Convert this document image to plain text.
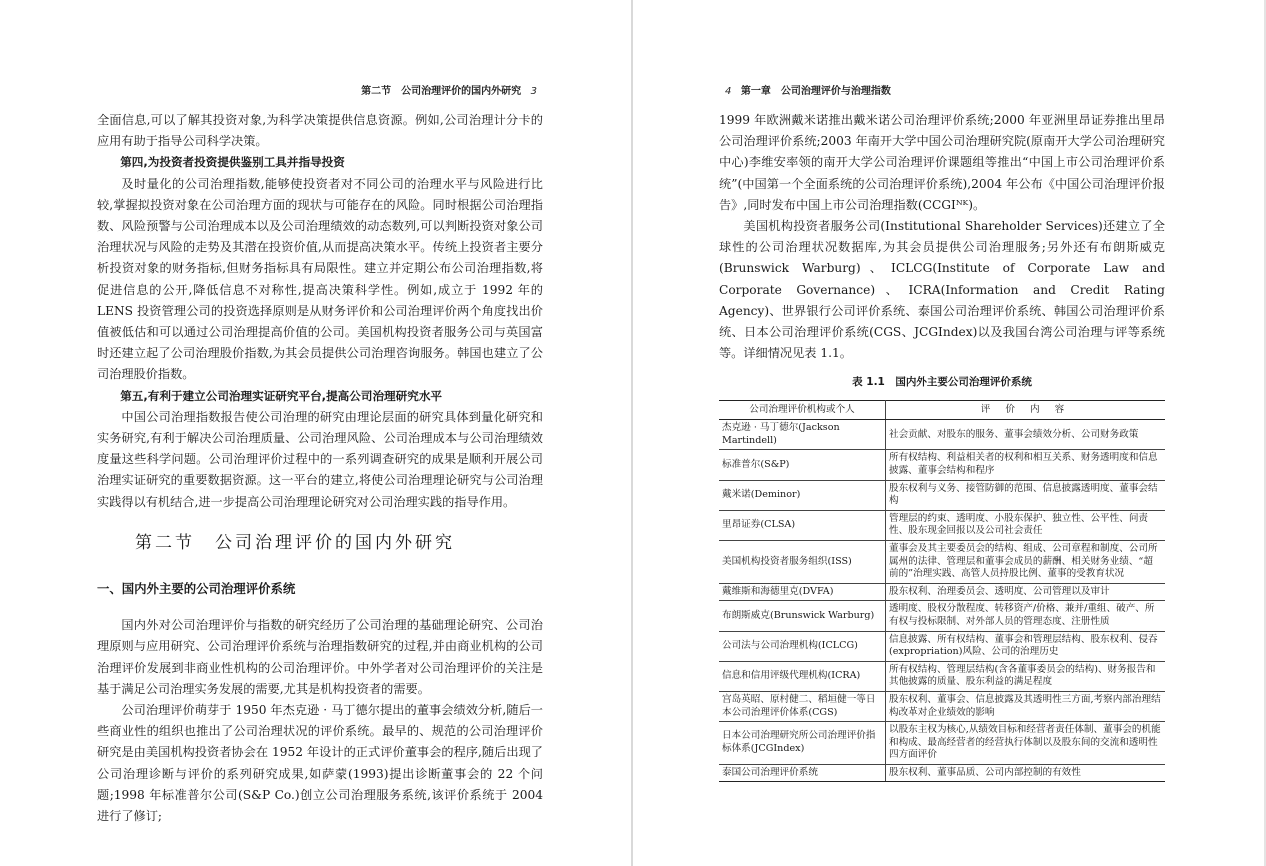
第二节　公司治理评价的国内外研究 3

全面信息,可以了解其投资对象,为科学决策提供信息资源。例如,公司治理计分卡的应用有助于指导公司科学决策。

第四,为投资者投资提供鉴别工具并指导投资

及时量化的公司治理指数,能够使投资者对不同公司的治理水平与风险进行比较,掌握拟投资对象在公司治理方面的现状与可能存在的风险。同时根据公司治理指数、风险预警与公司治理成本以及公司治理绩效的动态数列,可以判断投资对象公司治理状况与风险的走势及其潜在投资价值,从而提高决策水平。传统上投资者主要分析投资对象的财务指标,但财务指标具有局限性。建立并定期公布公司治理指数,将促进信息的公开,降低信息不对称性,提高决策科学性。例如,成立于 1992 年的 LENS 投资管理公司的投资选择原则是从财务评价和公司治理评价两个角度找出价值被低估和可以通过公司治理提高价值的公司。美国机构投资者服务公司与英国富时还建立起了公司治理股价指数,为其会员提供公司治理咨询服务。韩国也建立了公司治理股价指数。

第五,有利于建立公司治理实证研究平台,提高公司治理研究水平

中国公司治理指数报告使公司治理的研究由理论层面的研究具体到量化研究和实务研究,有利于解决公司治理质量、公司治理风险、公司治理成本与公司治理绩效度量这些科学问题。公司治理评价过程中的一系列调查研究的成果是顺利开展公司治理实证研究的重要数据资源。这一平台的建立,将使公司治理理论研究与公司治理实践得以有机结合,进一步提高公司治理理论研究对公司治理实践的指导作用。

第二节　公司治理评价的国内外研究
一、国内外主要的公司治理评价系统

国内外对公司治理评价与指数的研究经历了公司治理的基础理论研究、公司治理原则与应用研究、公司治理评价系统与治理指数研究的过程,并由商业机构的公司治理评价发展到非商业性机构的公司治理评价。中外学者对公司治理评价的关注是基于满足公司治理实务发展的需要,尤其是机构投资者的需要。

公司治理评价萌芽于 1950 年杰克逊 · 马丁德尔提出的董事会绩效分析,随后一些商业性的组织也推出了公司治理状况的评价系统。最早的、规范的公司治理评价研究是由美国机构投资者协会在 1952 年设计的正式评价董事会的程序,随后出现了公司治理诊断与评价的系列研究成果,如萨蒙(1993)提出诊断董事会的 22 个问题;1998 年标准普尔公司(S&P Co.)创立公司治理服务系统,该评价系统于 2004 进行了修订;

4 第一章　公司治理评价与治理指数

1999 年欧洲戴米诺推出戴米诺公司治理评价系统;2000 年亚洲里昂证券推出里昂公司治理评价系统;2003 年南开大学中国公司治理研究院(原南开大学公司治理研究中心)李维安率领的南开大学公司治理评价课题组等推出“中国上市公司治理评价系统”(中国第一个全面系统的公司治理评价系统),2004 年公布《中国公司治理评价报告》,同时发布中国上市公司治理指数(CCGIᴺᴷ)。

美国机构投资者服务公司(Institutional Shareholder Services)还建立了全球性的公司治理状况数据库,为其会员提供公司治理服务;另外还有布朗斯威克(Brunswick Warburg)、ICLCG(Institute of Corporate Law and Corporate Governance)、ICRA(Information and Credit Rating Agency)、世界银行公司评价系统、泰国公司治理评价系统、韩国公司治理评价系统、日本公司治理评价系统(CGS、JCGIndex)以及我国台湾公司治理与评等系统等。详细情况见表 1.1。

表 1.1　国内外主要公司治理评价系统
公司治理评价机构或个人	评 价 内 容
杰克逊 · 马丁德尔(Jackson Martindell)	社会贡献、对股东的服务、董事会绩效分析、公司财务政策
标准普尔(S&P)	所有权结构、利益相关者的权利和相互关系、财务透明度和信息披露、董事会结构和程序
戴米诺(Deminor)	股东权利与义务、接管防御的范围、信息披露透明度、董事会结构
里昂证券(CLSA)	管理层的约束、透明度、小股东保护、独立性、公平性、问责性、股东现金回报以及公司社会责任
美国机构投资者服务组织(ISS)	董事会及其主要委员会的结构、组成、公司章程和制度、公司所属州的法律、管理层和董事会成员的薪酬、相关财务业绩、“超前的”治理实践、高管人员持股比例、董事的受教育状况
戴维斯和海德里克(DVFA)	股东权利、治理委员会、透明度、公司管理以及审计
布朗斯威克(Brunswick Warburg)	透明度、股权分散程度、转移资产/价格、兼并/重组、破产、所有权与投标限制、对外部人员的管理态度、注册性质
公司法与公司治理机构(ICLCG)	信息披露、所有权结构、董事会和管理层结构、股东权利、侵吞(expropriation)风险、公司的治理历史
信息和信用评级代理机构(ICRA)	所有权结构、管理层结构(含各董事委员会的结构)、财务报告和其他披露的质量、股东利益的满足程度
宫岛英昭、原村健二、稻垣健一等日本公司治理评价体系(CGS)	股东权利、董事会、信息披露及其透明性三方面,考察内部治理结构改革对企业绩效的影响
日本公司治理研究所公司治理评价指标体系(JCGIndex)	以股东主权为核心,从绩效目标和经营者责任体制、董事会的机能和构成、最高经营者的经营执行体制以及股东间的交流和透明性四方面评价
泰国公司治理评价系统	股东权利、董事品质、公司内部控制的有效性
